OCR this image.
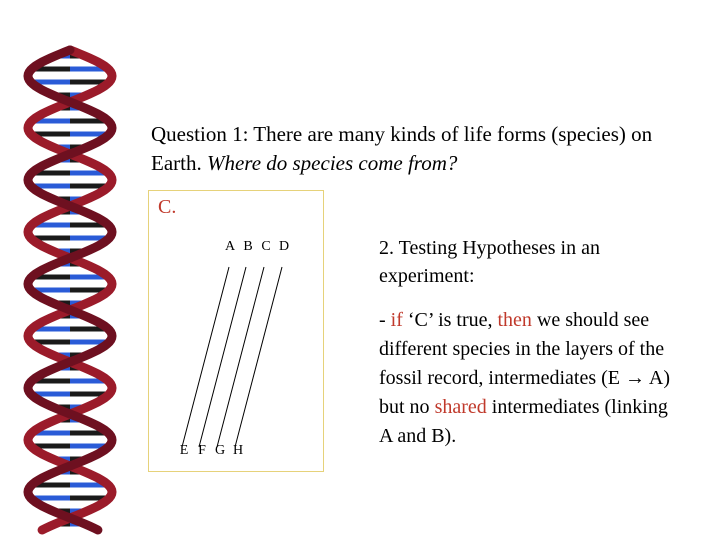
Question 1: There are many kinds of life forms (species) on Earth. Where do species come from?
C.
A B C D
E F G H
2. Testing Hypotheses in an experiment:
- if ‘C’ is true, then we should see different species in the layers of the fossil record, intermediates (E → A) but no shared intermediates (linking A and B).
